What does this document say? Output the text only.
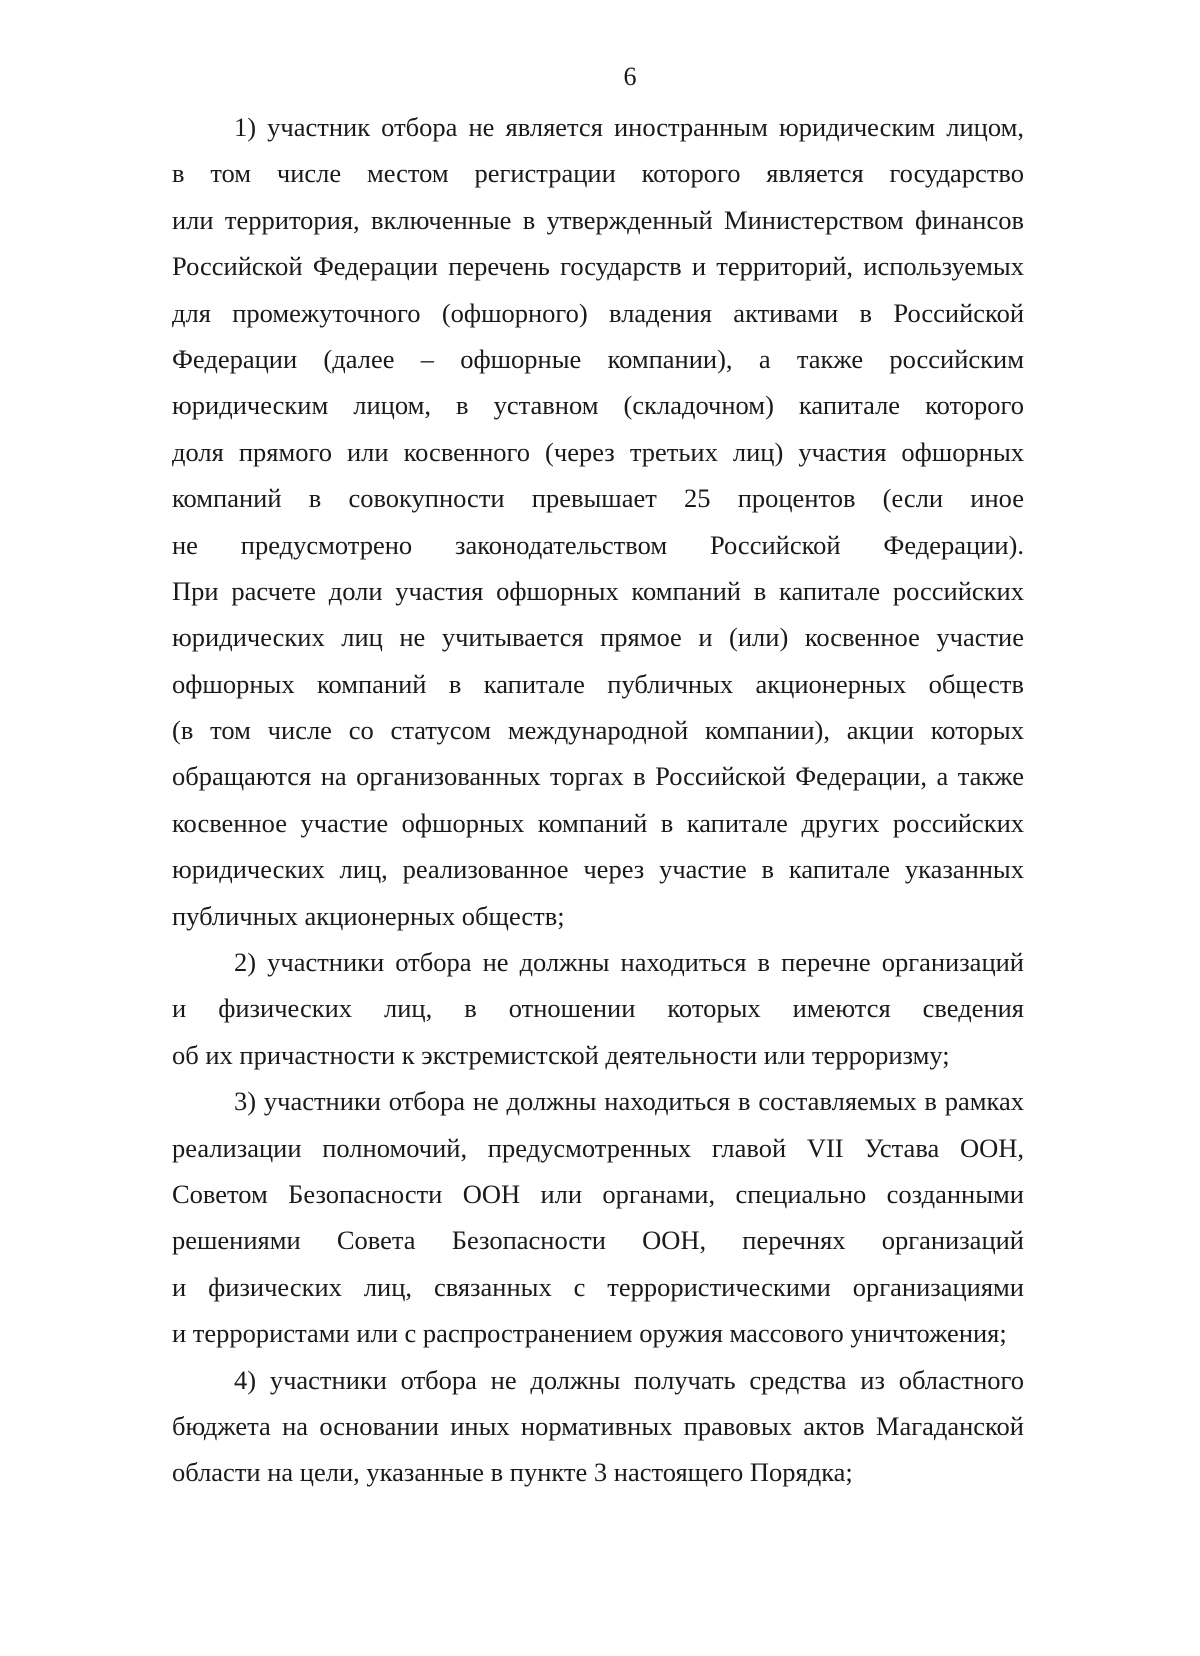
6
1) участник отбора не является иностранным юридическим лицом,
в том числе местом регистрации которого является государство
или территория, включенные в утвержденный Министерством финансов
Российской Федерации перечень государств и территорий, используемых
для промежуточного (офшорного) владения активами в Российской
Федерации (далее – офшорные компании), а также российским
юридическим лицом, в уставном (складочном) капитале которого
доля прямого или косвенного (через третьих лиц) участия офшорных
компаний в совокупности превышает 25 процентов (если иное
не предусмотрено законодательством Российской Федерации).
При расчете доли участия офшорных компаний в капитале российских
юридических лиц не учитывается прямое и (или) косвенное участие
офшорных компаний в капитале публичных акционерных обществ
(в том числе со статусом международной компании), акции которых
обращаются на организованных торгах в Российской Федерации, а также
косвенное участие офшорных компаний в капитале других российских
юридических лиц, реализованное через участие в капитале указанных
публичных акционерных обществ;
2) участники отбора не должны находиться в перечне организаций
и физических лиц, в отношении которых имеются сведения
об их причастности к экстремистской деятельности или терроризму;
3) участники отбора не должны находиться в составляемых в рамках
реализации полномочий, предусмотренных главой VII Устава ООН,
Советом Безопасности ООН или органами, специально созданными
решениями Совета Безопасности ООН, перечнях организаций
и физических лиц, связанных с террористическими организациями
и террористами или с распространением оружия массового уничтожения;
4) участники отбора не должны получать средства из областного
бюджета на основании иных нормативных правовых актов Магаданской
области на цели, указанные в пункте 3 настоящего Порядка;
